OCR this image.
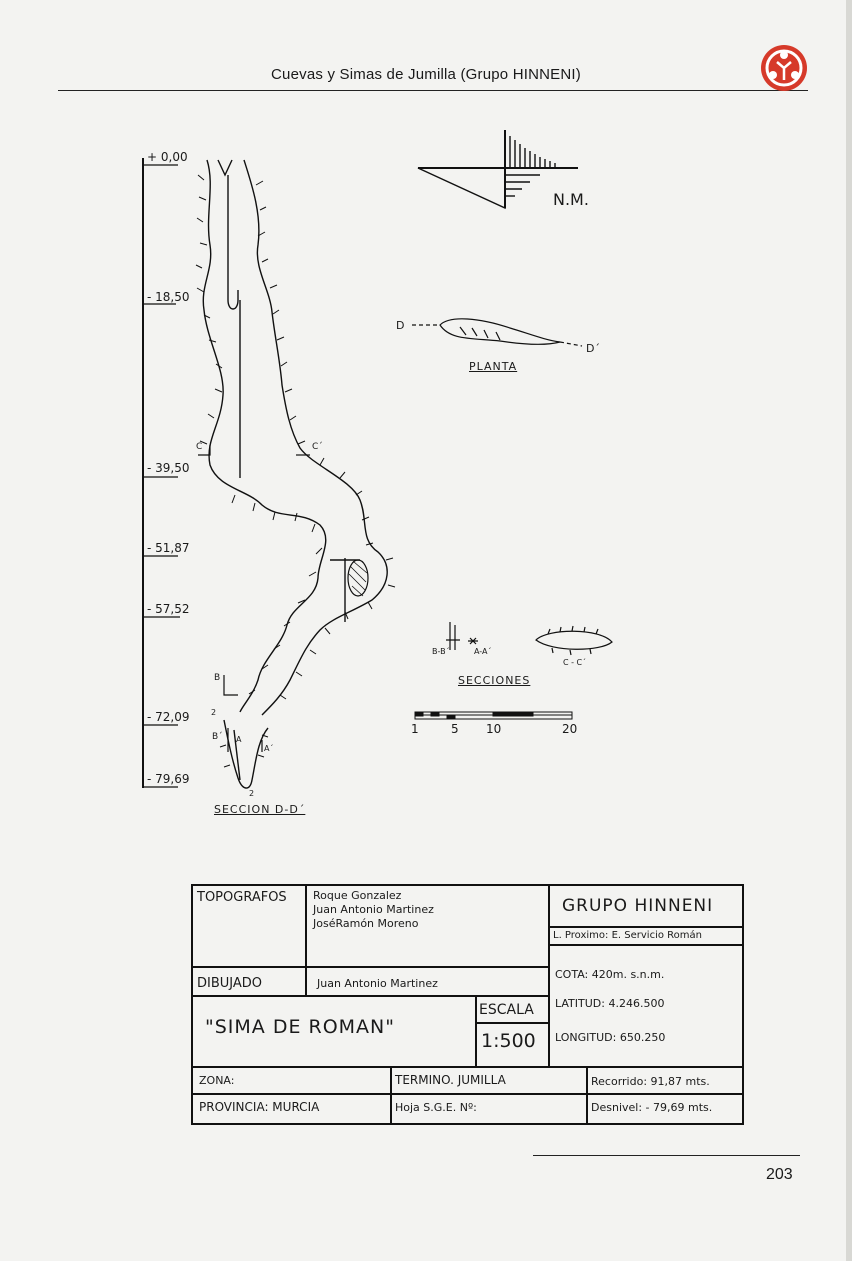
Cuevas y Simas de Jumilla (Grupo HINNENI)
N.M.
+ 0,00
- 18,50
- 39,50
- 51,87
- 57,52
- 72,09
- 79,69
C	C´
B
2
B´ A
A´
2
SECCION D-D´
D
D´
PLANTA
B-B´	A-A´
C - C´
SECCIONES
1	5 10	20
TOPOGRAFOS Roque Gonzalez
Juan Antonio Martinez
JoséRamón Moreno
GRUPO HINNENI
L. Proximo: E. Servicio Román
DIBUJADO	Juan Antonio Martinez
COTA: 420m. s.n.m.
LATITUD: 4.246.500
LONGITUD: 650.250
"SIMA DE ROMAN"
ESCALA
1:500
ZONA:	TERMINO. JUMILLA	Recorrido: 91,87 mts.
PROVINCIA: MURCIA	Hoja S.G.E. Nº:	Desnivel: - 79,69 mts.
203
